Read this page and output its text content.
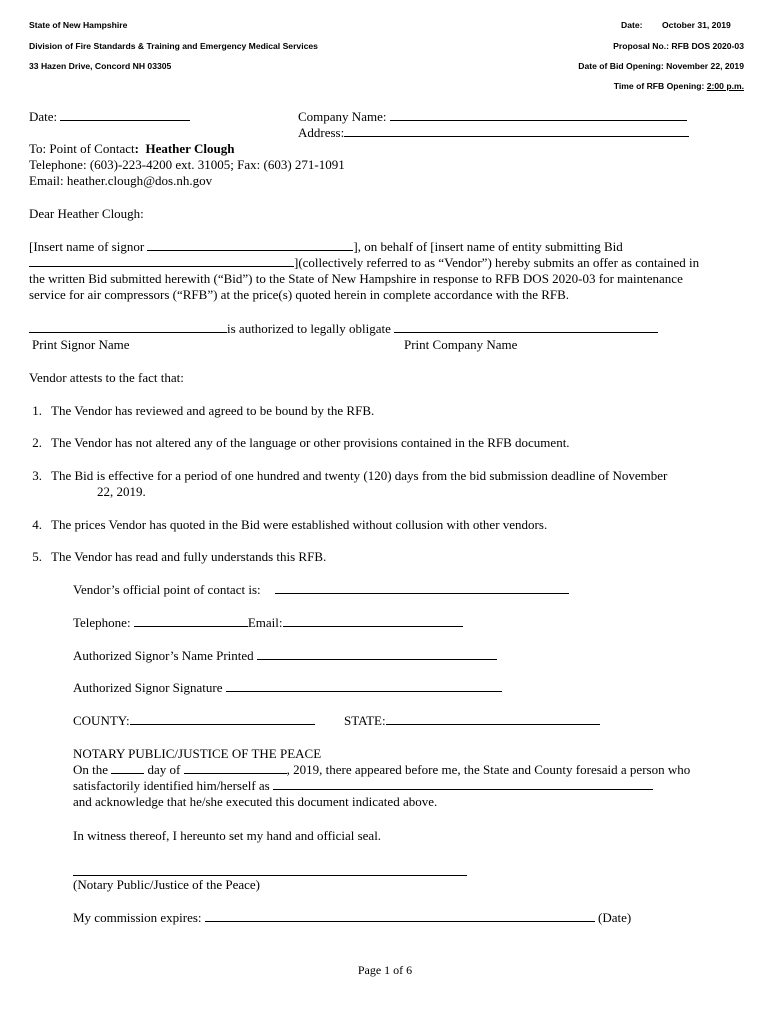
State of New Hampshire
Division of Fire Standards & Training and Emergency Medical Services
33 Hazen Drive, Concord NH 03305
Date: October 31, 2019
Proposal No.: RFB DOS 2020-03
Date of Bid Opening: November 22, 2019
Time of RFB Opening: 2:00 p.m.
Date:	Company Name:
Address:
To: Point of Contact:  Heather Clough
Telephone: (603)-223-4200 ext. 31005; Fax: (603) 271-1091
Email: heather.clough@dos.nh.gov
Dear Heather Clough:
[Insert name of signor	], on behalf of [insert name of entity submitting Bid
](collectively referred to as “Vendor”) hereby submits an offer as contained in
the written Bid submitted herewith (“Bid”) to the State of New Hampshire in response to RFB DOS 2020-03 for maintenance
service for air compressors (“RFB”) at the price(s) quoted herein in complete accordance with the RFB.
is authorized to legally obligate
Print Signor Name	Print Company Name
Vendor attests to the fact that:
1. The Vendor has reviewed and agreed to be bound by the RFB.
2. The Vendor has not altered any of the language or other provisions contained in the RFB document.
3. The Bid is effective for a period of one hundred and twenty (120) days from the bid submission deadline of November
22, 2019.
4. The prices Vendor has quoted in the Bid were established without collusion with other vendors.
5. The Vendor has read and fully understands this RFB.
Vendor’s official point of contact is:
Telephone:	Email:
Authorized Signor’s Name Printed
Authorized Signor Signature
COUNTY:	STATE:
NOTARY PUBLIC/JUSTICE OF THE PEACE
On the	day of	, 2019, there appeared before me, the State and County foresaid a person who
satisfactorily identified him/herself as
and acknowledge that he/she executed this document indicated above.
In witness thereof, I hereunto set my hand and official seal.
(Notary Public/Justice of the Peace)
My commission expires:	(Date)
Page 1 of 6
